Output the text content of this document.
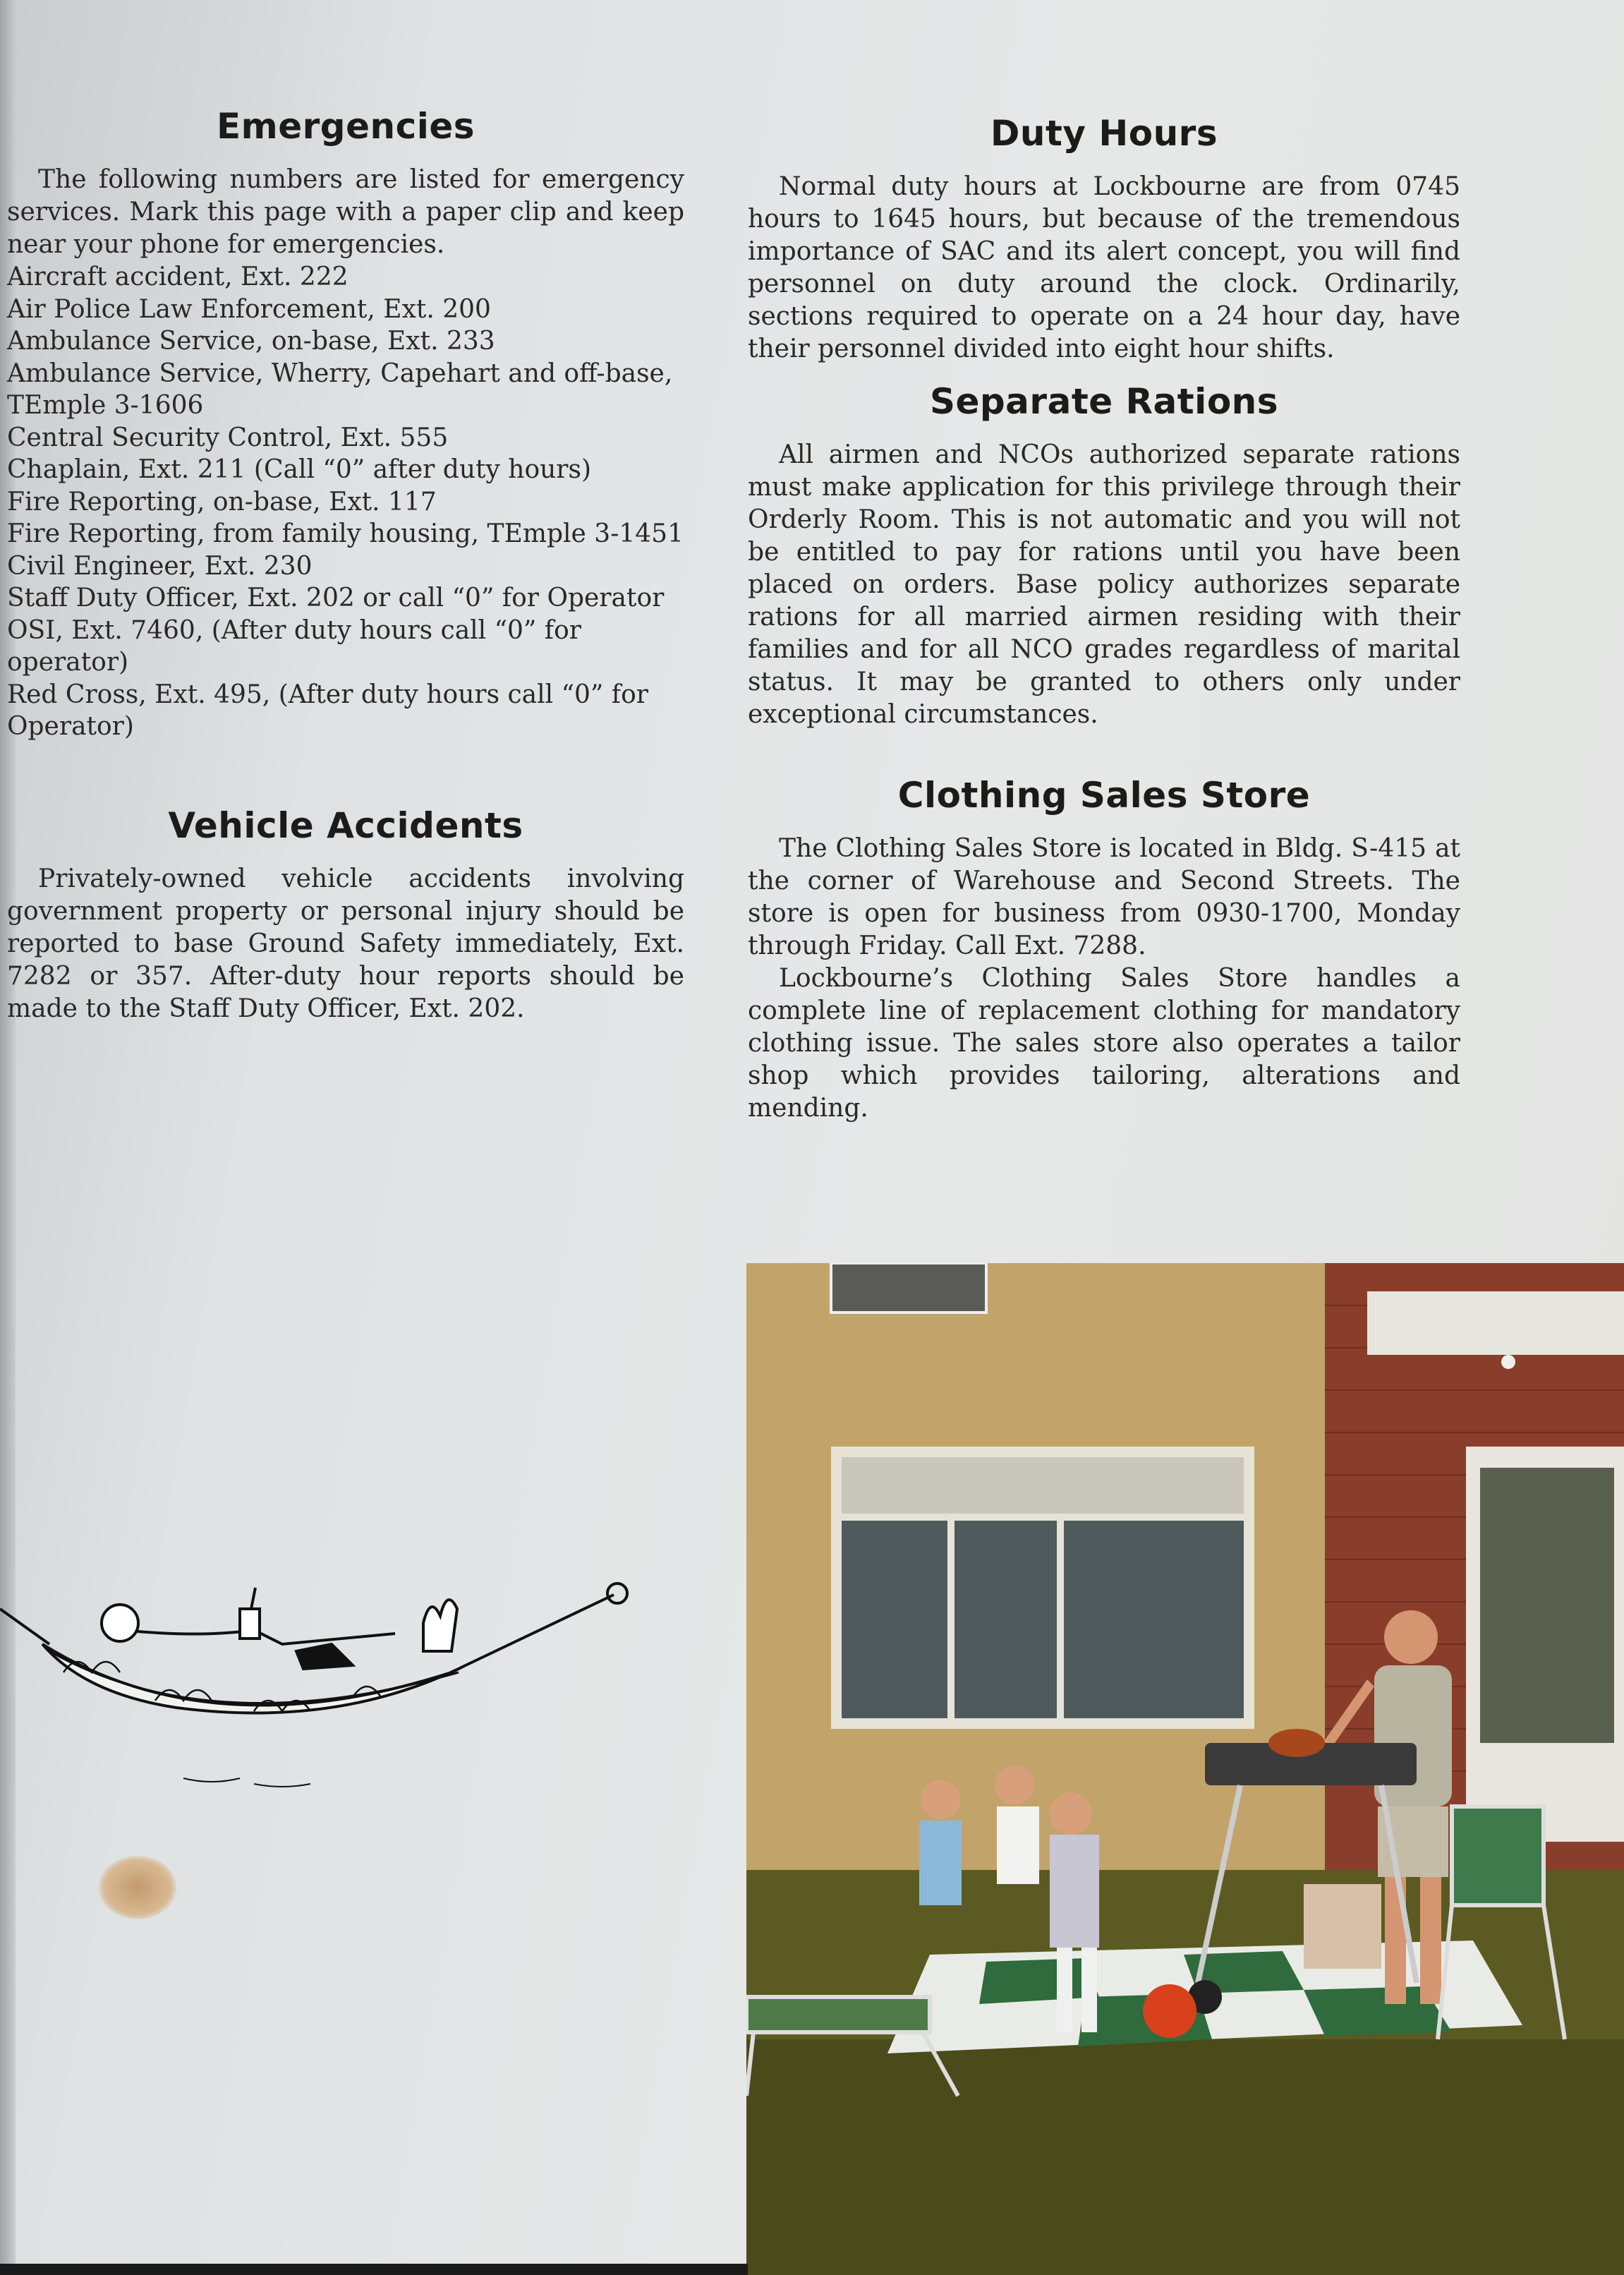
Emergencies

The following numbers are listed for emergency services. Mark this page with a paper clip and keep near your phone for emergencies.

Aircraft accident, Ext. 222
Air Police Law Enforcement, Ext. 200
Ambulance Service, on-base, Ext. 233
Ambulance Service, Wherry, Capehart and off-base, TEmple 3-1606
Central Security Control, Ext. 555
Chaplain, Ext. 211 (Call “0” after duty hours)
Fire Reporting, on-base, Ext. 117
Fire Reporting, from family housing, TEmple 3-1451
Civil Engineer, Ext. 230
Staff Duty Officer, Ext. 202 or call “0” for Operator
OSI, Ext. 7460, (After duty hours call “0” for operator)
Red Cross, Ext. 495, (After duty hours call “0” for Operator)
Vehicle Accidents

Privately-owned vehicle accidents involving government property or personal injury should be reported to base Ground Safety immediately, Ext. 7282 or 357. After-duty hour reports should be made to the Staff Duty Officer, Ext. 202.

Duty Hours

Normal duty hours at Lockbourne are from 0745 hours to 1645 hours, but because of the tremendous importance of SAC and its alert concept, you will find personnel on duty around the clock. Ordinarily, sections required to operate on a 24 hour day, have their personnel divided into eight hour shifts.

Separate Rations

All airmen and NCOs authorized separate rations must make application for this privilege through their Orderly Room. This is not automatic and you will not be entitled to pay for rations until you have been placed on orders. Base policy authorizes separate rations for all married airmen residing with their families and for all NCO grades regardless of marital status. It may be granted to others only under exceptional circumstances.

Clothing Sales Store

The Clothing Sales Store is located in Bldg. S-415 at the corner of Warehouse and Second Streets. The store is open for business from 0930-1700, Monday through Friday. Call Ext. 7288.

Lockbourne’s Clothing Sales Store handles a complete line of replacement clothing for mandatory clothing issue. The sales store also operates a tailor shop which provides tailoring, alterations and mending.
